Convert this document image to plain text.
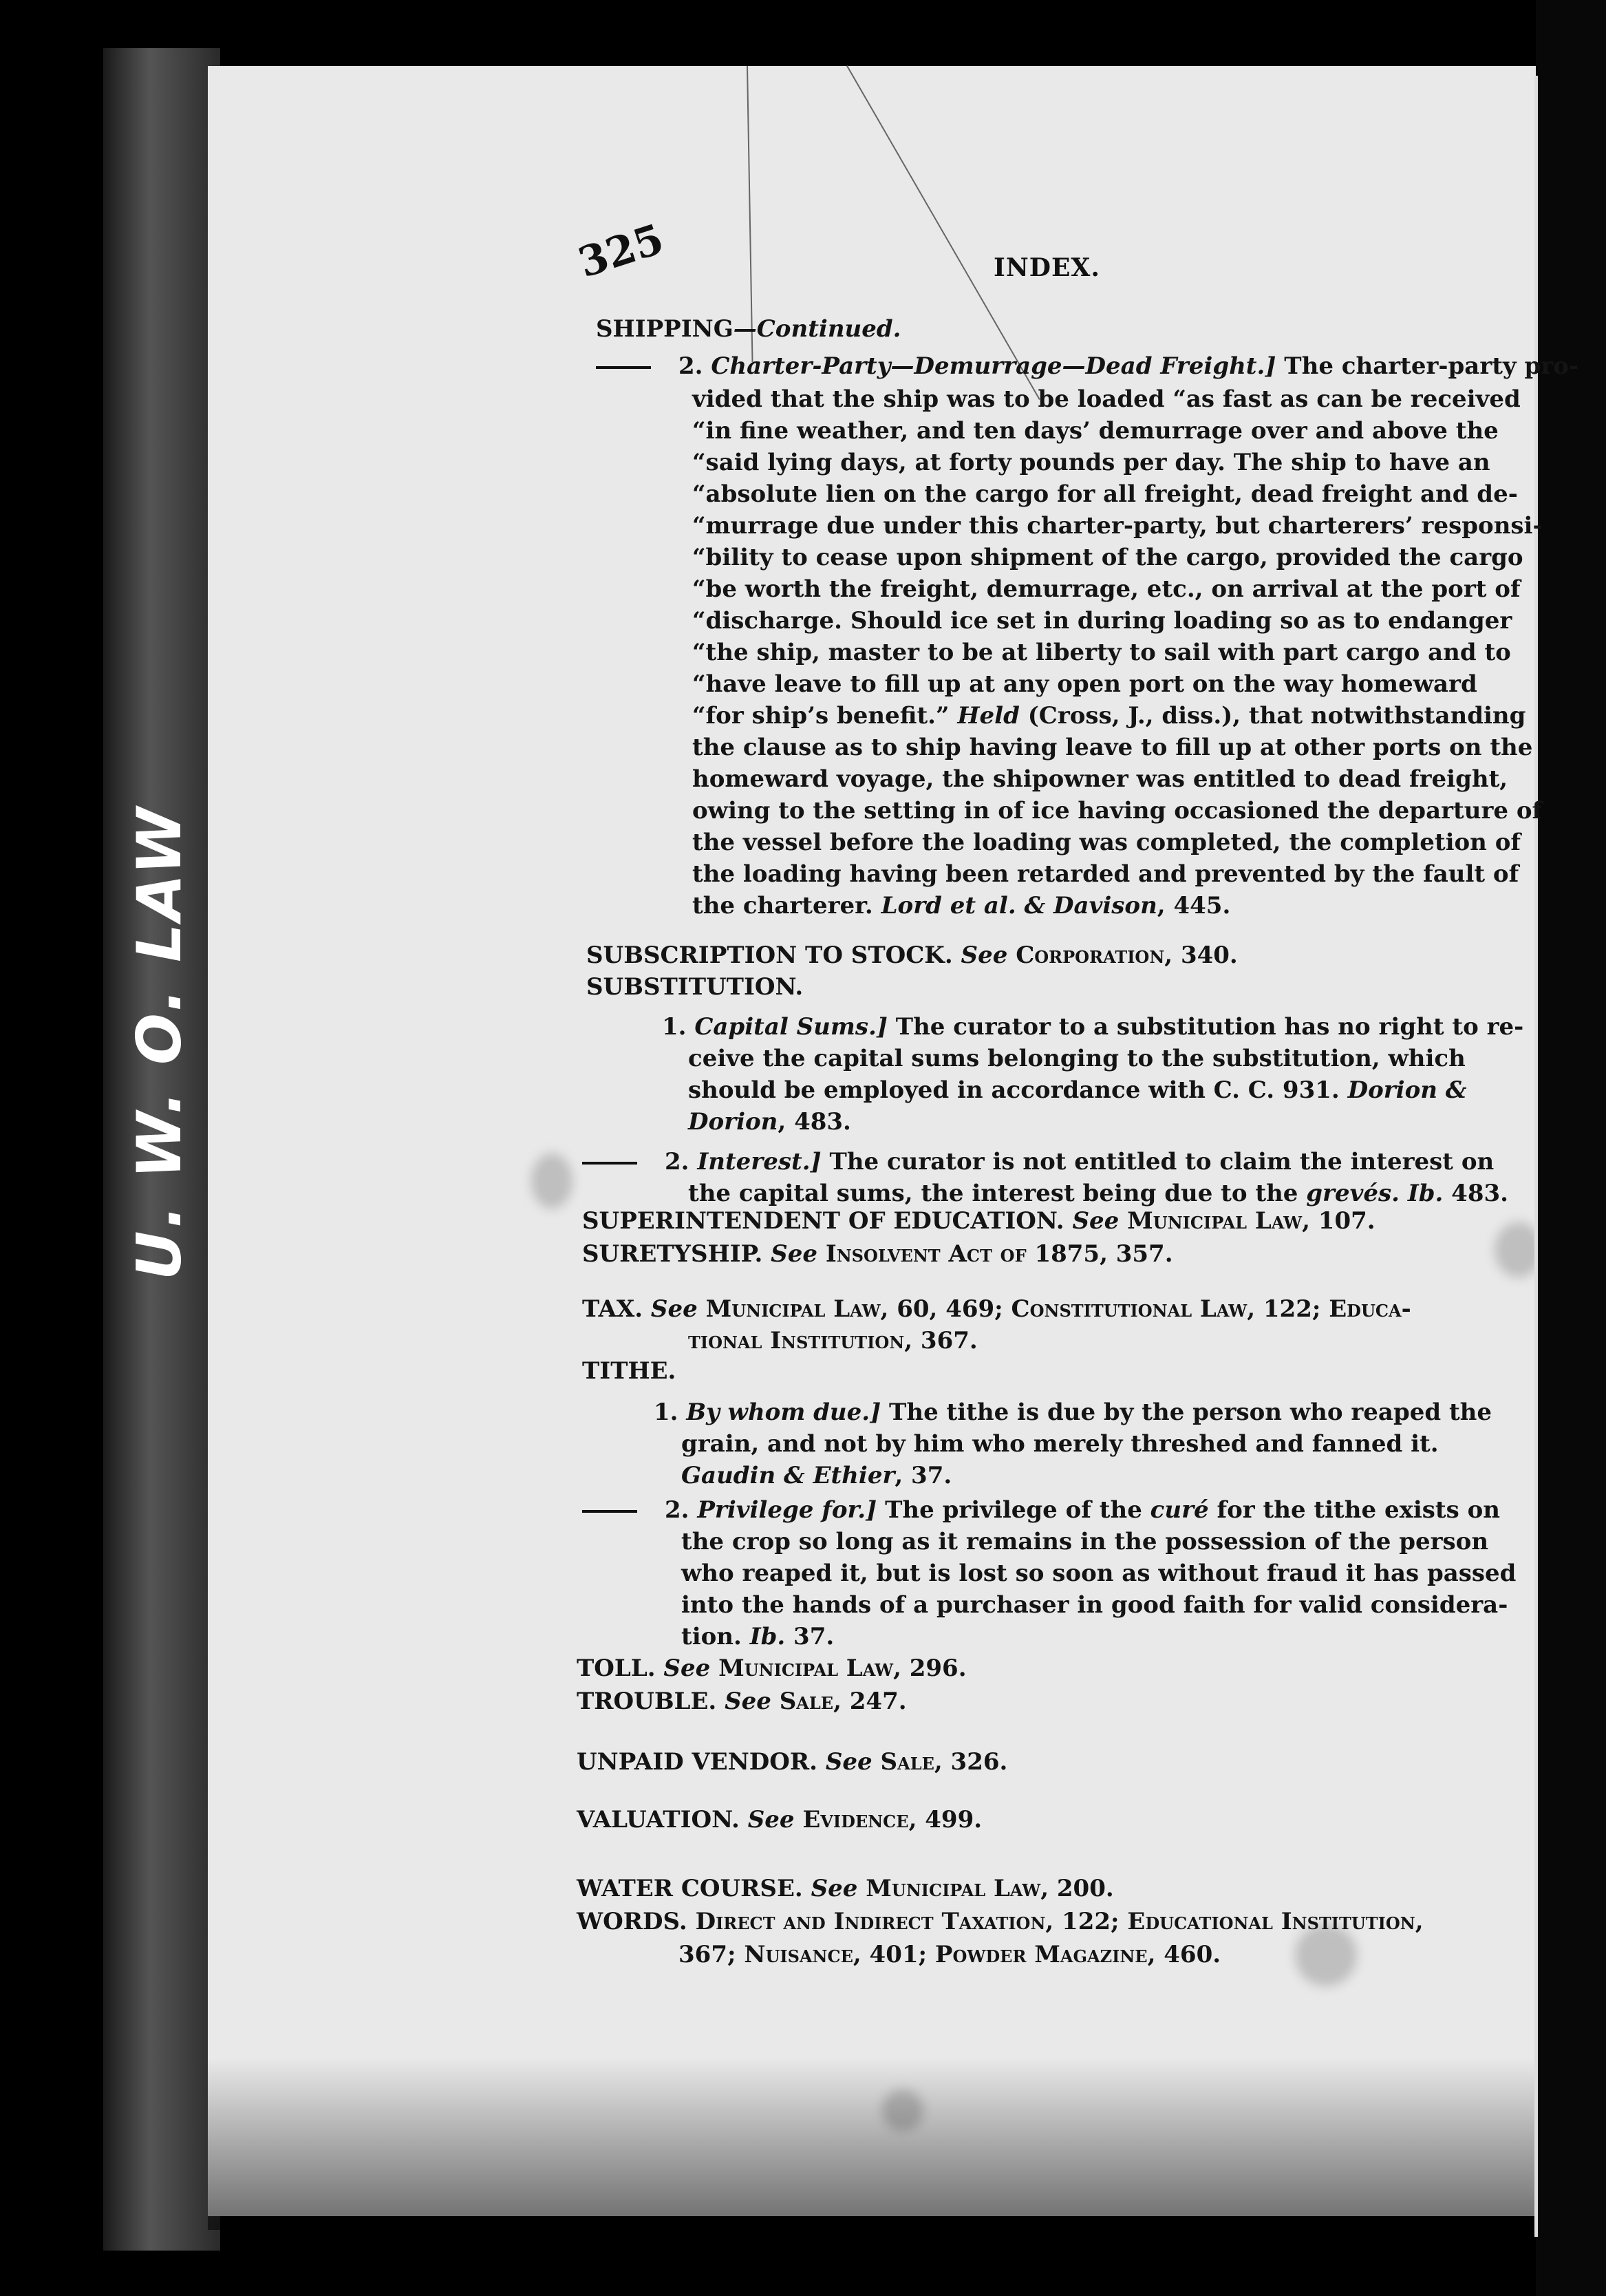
U. W. O. LAW
325	INDEX.
SHIPPING—Continued.
2. Charter-Party—Demurrage—Dead Freight.] The charter-party pro-
vided that the ship was to be loaded “as fast as can be received
“in fine weather, and ten days’ demurrage over and above the
“said lying days, at forty pounds per day. The ship to have an
“absolute lien on the cargo for all freight, dead freight and de-
“murrage due under this charter-party, but charterers’ responsi-
“bility to cease upon shipment of the cargo, provided the cargo
“be worth the freight, demurrage, etc., on arrival at the port of
“discharge. Should ice set in during loading so as to endanger
“the ship, master to be at liberty to sail with part cargo and to
“have leave to fill up at any open port on the way homeward
“for ship’s benefit.” Held (Cross, J., diss.), that notwithstanding
the clause as to ship having leave to fill up at other ports on the
homeward voyage, the shipowner was entitled to dead freight,
owing to the setting in of ice having occasioned the departure of
the vessel before the loading was completed, the completion of
the loading having been retarded and prevented by the fault of
the charterer. Lord et al. & Davison, 445.
SUBSCRIPTION TO STOCK. See Corporation, 340.
SUBSTITUTION.
1. Capital Sums.] The curator to a substitution has no right to re-
ceive the capital sums belonging to the substitution, which
should be employed in accordance with C. C. 931. Dorion &
Dorion, 483.
2. Interest.] The curator is not entitled to claim the interest on
the capital sums, the interest being due to the grevés. Ib. 483.
SUPERINTENDENT OF EDUCATION. See Municipal Law, 107.
SURETYSHIP. See Insolvent Act of 1875, 357.
TAX. See Municipal Law, 60, 469; Constitutional Law, 122; Educa-
tional Institution, 367.
TITHE.
1. By whom due.] The tithe is due by the person who reaped the
grain, and not by him who merely threshed and fanned it.
Gaudin & Ethier, 37.
2. Privilege for.] The privilege of the curé for the tithe exists on
the crop so long as it remains in the possession of the person
who reaped it, but is lost so soon as without fraud it has passed
into the hands of a purchaser in good faith for valid considera-
tion. Ib. 37.
TOLL. See Municipal Law, 296.
TROUBLE. See Sale, 247.
UNPAID VENDOR. See Sale, 326.
VALUATION. See Evidence, 499.
WATER COURSE. See Municipal Law, 200.
WORDS. Direct and Indirect Taxation, 122; Educational Institution,
367; Nuisance, 401; Powder Magazine, 460.
